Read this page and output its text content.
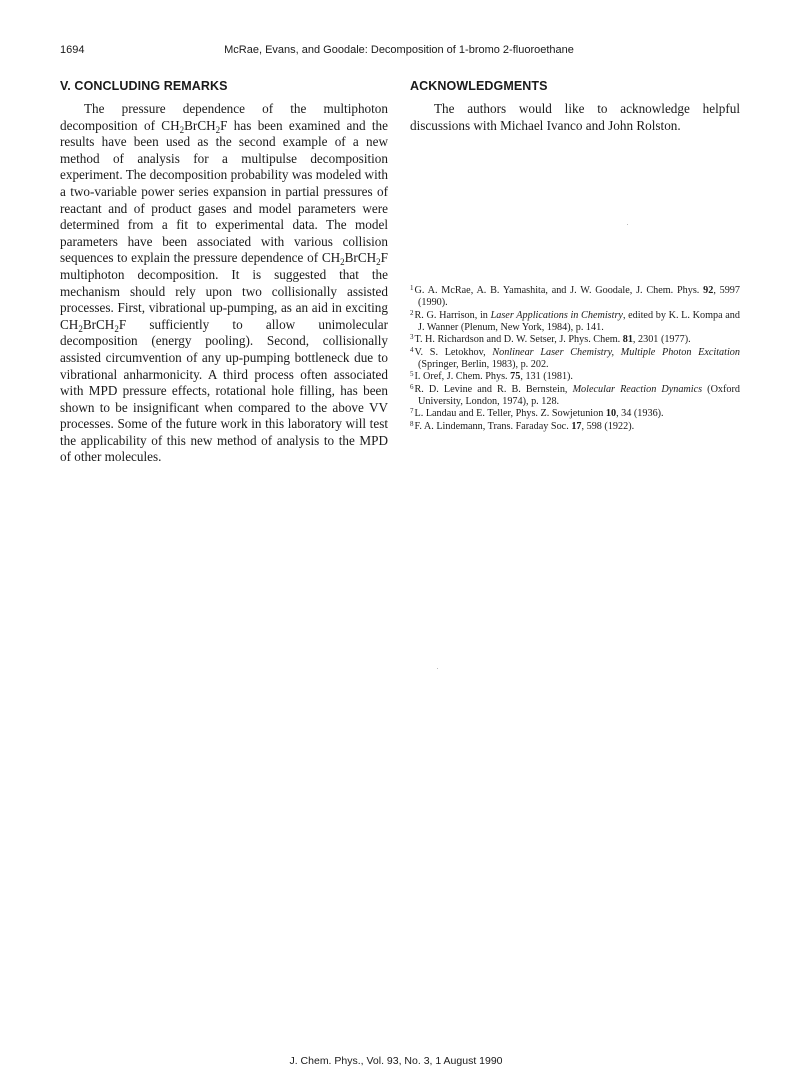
1694	McRae, Evans, and Goodale: Decomposition of 1-bromo 2-fluoroethane
V. CONCLUDING REMARKS

The pressure dependence of the multiphoton decomposition of $CH_2BrCH_2F$ has been examined and the results have been used as the second example of a new method of analysis for a multipulse decomposition experiment. The decomposition probability was modeled with a two-variable power series expansion in partial pressures of reactant and of product gases and model parameters were determined from a fit to experimental data. The model parameters have been associated with various collision sequences to explain the pressure dependence of $CH_2BrCH_2F$ multiphoton decomposition. It is suggested that the mechanism should rely upon two collisionally assisted processes. First, vibrational up-pumping, as an aid in exciting $CH_2BrCH_2F$ sufficiently to allow unimolecular decomposition (energy pooling). Second, collisionally assisted circumvention of any up-pumping bottleneck due to vibrational anharmonicity. A third process often associated with MPD pressure effects, rotational hole filling, has been shown to be insignificant when compared to the above VV processes. Some of the future work in this laboratory will test the applicability of this new method of analysis to the MPD of other molecules.

ACKNOWLEDGMENTS

The authors would like to acknowledge helpful discussions with Michael Ivanco and John Rolston.

$^1$G. A. McRae, A. B. Yamashita, and J. W. Goodale, J. Chem. Phys. 92, 5997 (1990).
$^2$R. G. Harrison, in Laser Applications in Chemistry, edited by K. L. Kompa and J. Wanner (Plenum, New York, 1984), p. 141.
$^3$T. H. Richardson and D. W. Setser, J. Phys. Chem. 81, 2301 (1977).
$^4$V. S. Letokhov, Nonlinear Laser Chemistry, Multiple Photon Excitation (Springer, Berlin, 1983), p. 202.
$^5$I. Oref, J. Chem. Phys. 75, 131 (1981).
$^6$R. D. Levine and R. B. Bernstein, Molecular Reaction Dynamics (Oxford University, London, 1974), p. 128.
$^7$L. Landau and E. Teller, Phys. Z. Sowjetunion 10, 34 (1936).
$^8$F. A. Lindemann, Trans. Faraday Soc. 17, 598 (1922).
J. Chem. Phys., Vol. 93, No. 3, 1 August 1990
